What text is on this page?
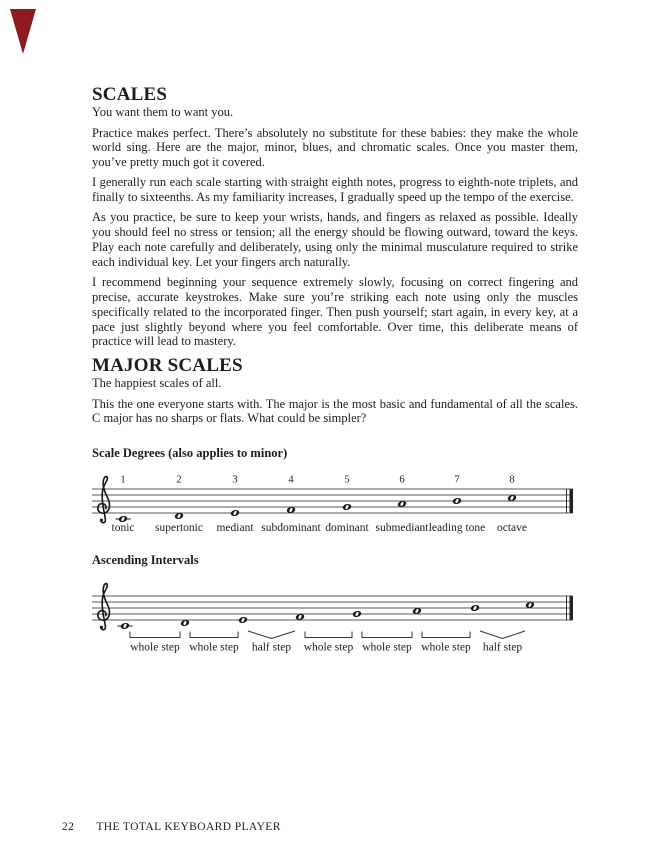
SCALES
You want them to want you.

Practice makes perfect. There’s absolutely no substitute for these babies: they make the whole world sing. Here are the major, minor, blues, and chromatic scales. Once you master them, you’ve pretty much got it covered.

I generally run each scale starting with straight eighth notes, progress to eighth-note triplets, and finally to sixteenths. As my familiarity increases, I gradually speed up the tempo of the exercise.

As you practice, be sure to keep your wrists, hands, and fingers as relaxed as possible. Ideally you should feel no stress or tension; all the energy should be flowing outward, toward the keys. Play each note carefully and deliberately, using only the minimal musculature required to strike each individual key. Let your fingers arch naturally.

I recommend beginning your sequence extremely slowly, focusing on correct fingering and precise, accurate keystrokes. Make sure you’re striking each note using only the muscles specifically related to the incorporated finger. Then push yourself; start again, in every key, at a pace just slightly beyond where you feel comfortable. Over time, this deliberate means of practice will lead to mastery.

MAJOR SCALES
The happiest scales of all.

This the one everyone starts with. The major is the most basic and fundamental of all the scales. C major has no sharps or flats. What could be simpler?

Scale Degrees (also applies to minor)
1
tonic
2
supertonic
3
mediant
4
subdominant
5
dominant
6
submediant
7
leading tone
8
octave
Ascending Intervals
whole step whole step half step whole step whole step whole step half step
22 THE TOTAL KEYBOARD PLAYER
